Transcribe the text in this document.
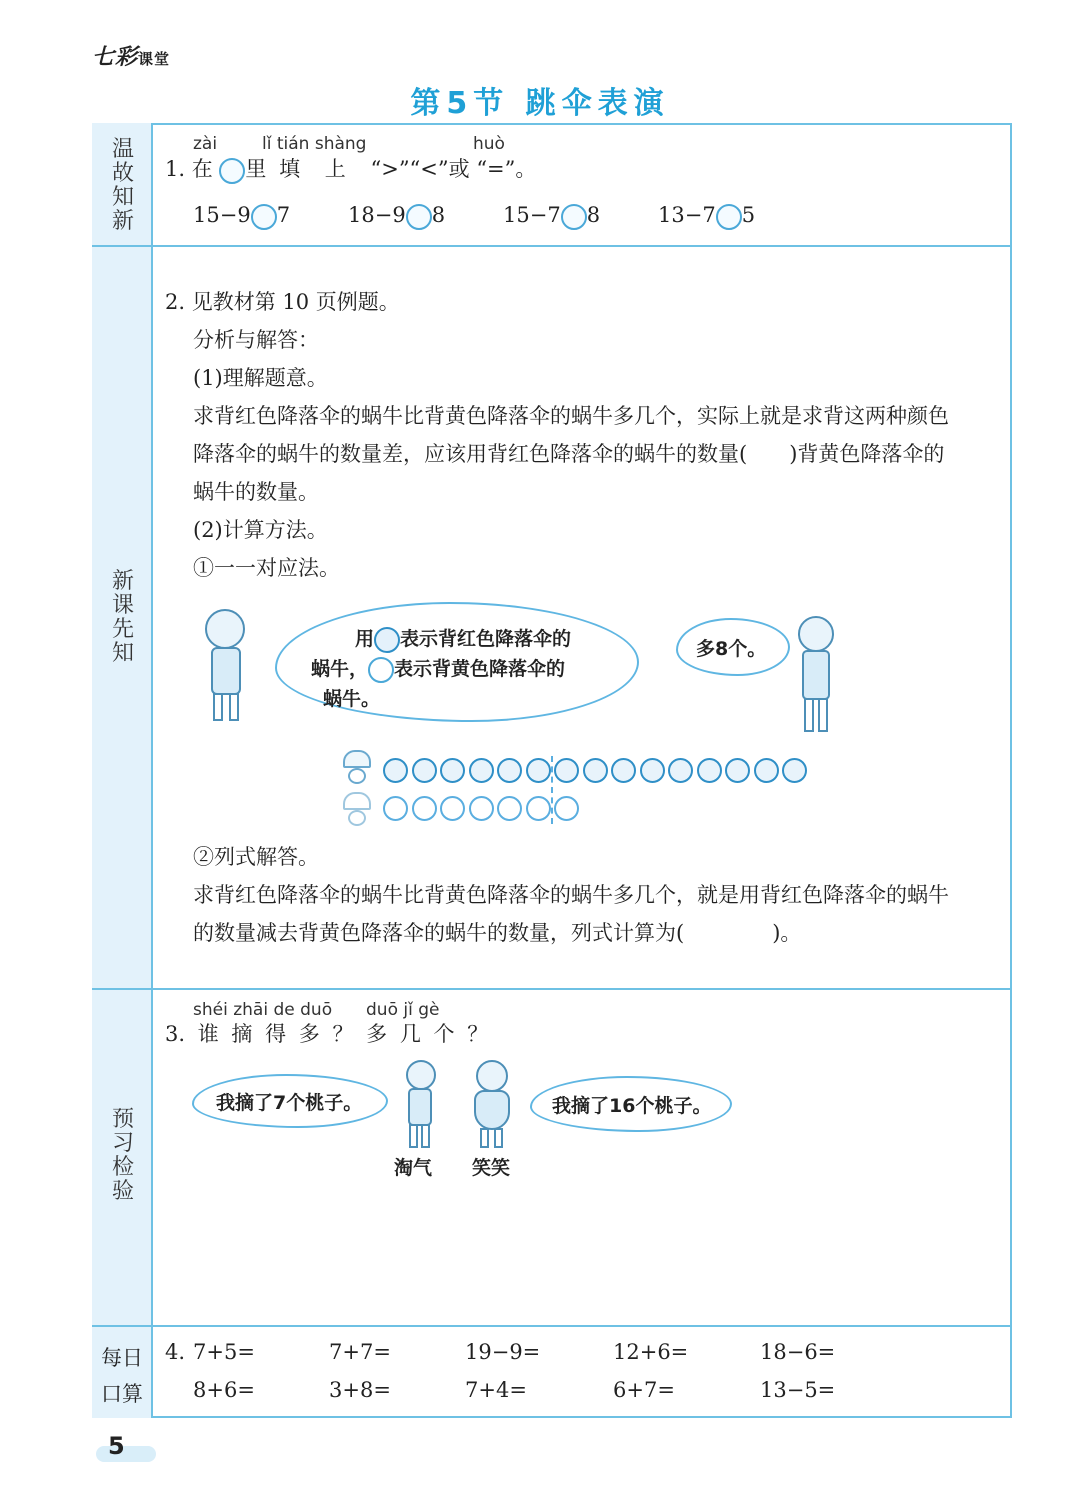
七彩课堂
第5节 跳伞表演
温故知新
新课先知
预习检验
每日口算
zài	lǐ tián shàng	huò
1. 在 里 填 上 “>”“<”或 “=”。
15−9 7	18−9 8	15−7 8	13−7 5
2. 见教材第 10 页例题。
分析与解答：
(1)理解题意。
求背红色降落伞的蜗牛比背黄色降落伞的蜗牛多几个，实际上就是求背这两种颜色
降落伞的蜗牛的数量差，应该用背红色降落伞的蜗牛的数量( )背黄色降落伞的
蜗牛的数量。
(2)计算方法。
①一一对应法。
用 表示背红色降落伞的
蜗牛， 表示背黄色降落伞的
蜗牛。
多8个。
②列式解答。
求背红色降落伞的蜗牛比背黄色降落伞的蜗牛多几个，就是用背红色降落伞的蜗牛
的数量减去背黄色降落伞的蜗牛的数量，列式计算为(	)。
shéi zhāi de duō duō jǐ gè
3. 谁 摘 得 多 ？ 多 几 个 ？
我摘了7个桃子。	我摘了16个桃子。
淘气 笑笑
4. 7+5=	7+7=	19−9=	12+6=	18−6=
8+6=	3+8=	7+4=	6+7=	13−5=
5
